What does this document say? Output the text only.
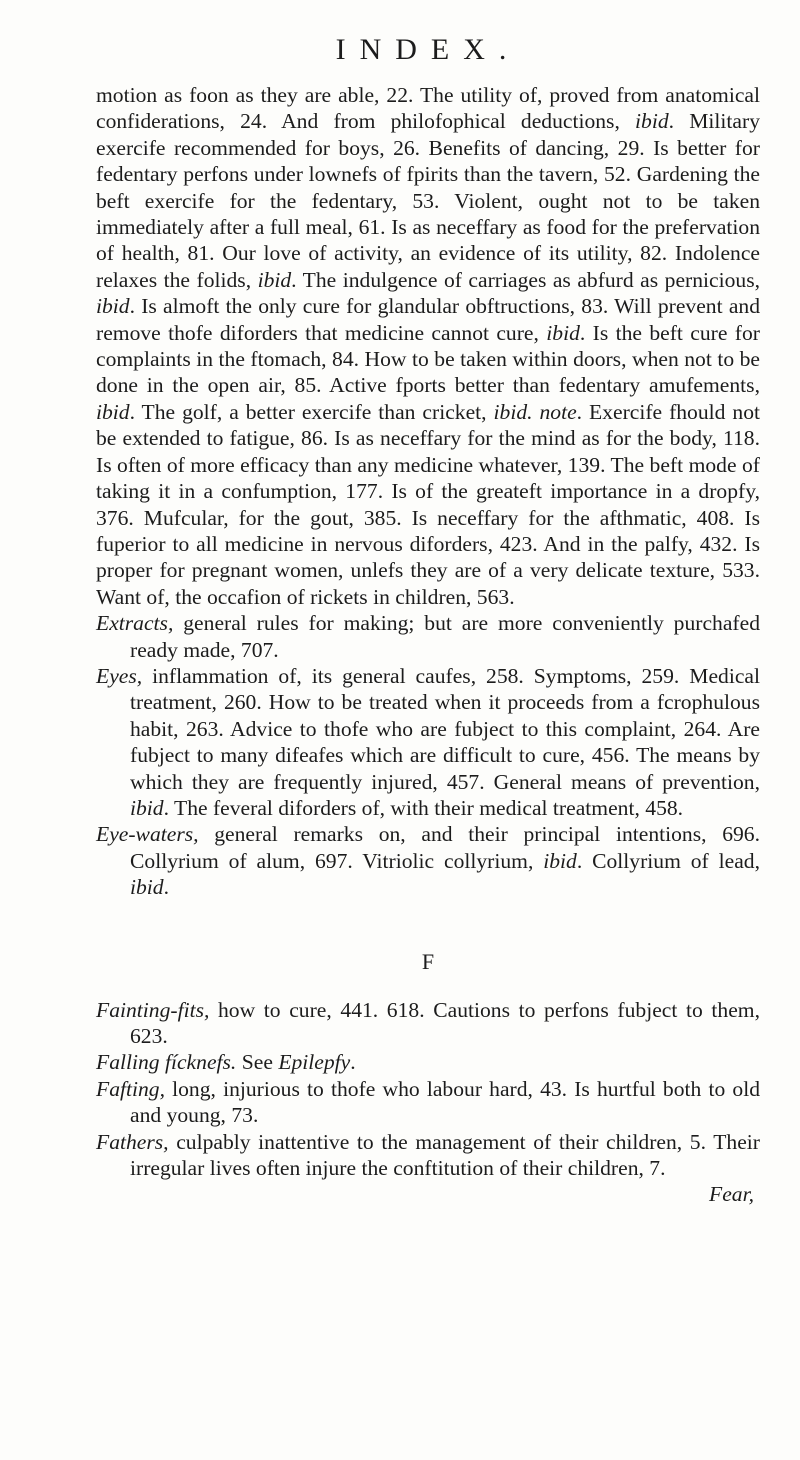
INDEX.

motion as foon as they are able, 22. The utility of, proved from anatomical confiderations, 24. And from philofophical deductions, ibid. Military exercife recommended for boys, 26. Benefits of dancing, 29. Is better for fedentary perfons under lownefs of fpirits than the tavern, 52. Gardening the beft exercife for the fedentary, 53. Violent, ought not to be taken immediately after a full meal, 61. Is as neceffary as food for the prefervation of health, 81. Our love of activity, an evidence of its utility, 82. Indolence relaxes the folids, ibid. The indulgence of carriages as abfurd as pernicious, ibid. Is almoft the only cure for glandular obftructions, 83. Will prevent and remove thofe diforders that medicine cannot cure, ibid. Is the beft cure for complaints in the ftomach, 84. How to be taken within doors, when not to be done in the open air, 85. Active fports better than fedentary amufements, ibid. The golf, a better exercife than cricket, ibid. note. Exercife fhould not be extended to fatigue, 86. Is as neceffary for the mind as for the body, 118. Is often of more efficacy than any medicine whatever, 139. The beft mode of taking it in a confumption, 177. Is of the greateft importance in a dropfy, 376. Mufcular, for the gout, 385. Is neceffary for the afthmatic, 408. Is fuperior to all medicine in nervous diforders, 423. And in the palfy, 432. Is proper for pregnant women, unlefs they are of a very delicate texture, 533. Want of, the occafion of rickets in children, 563.

Extracts, general rules for making; but are more conveniently purchafed ready made, 707.

Eyes, inflammation of, its general caufes, 258. Symptoms, 259. Medical treatment, 260. How to be treated when it proceeds from a fcrophulous habit, 263. Advice to thofe who are fubject to this complaint, 264. Are fubject to many difeafes which are difficult to cure, 456. The means by which they are frequently injured, 457. General means of prevention, ibid. The feveral diforders of, with their medical treatment, 458.

Eye-waters, general remarks on, and their principal intentions, 696. Collyrium of alum, 697. Vitriolic collyrium, ibid. Collyrium of lead, ibid.

F

Fainting-fits, how to cure, 441. 618. Cautions to perfons fubject to them, 623.

Falling fícknefs. See Epilepfy.

Fafting, long, injurious to thofe who labour hard, 43. Is hurtful both to old and young, 73.

Fathers, culpably inattentive to the management of their children, 5. Their irregular lives often injure the conftitution of their children, 7.

Fear,
